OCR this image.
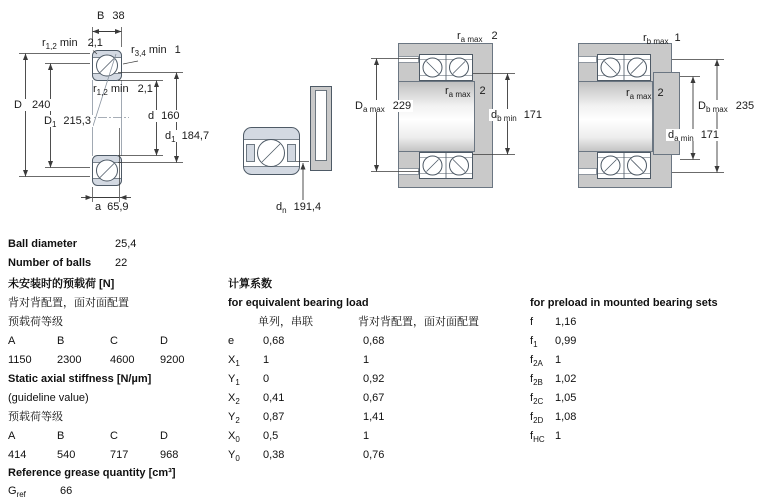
B 38
$r_{1,2}$ min 2,1
$r_{3,4}$ min 1
D 240
$D_1$ 215,3
$r_{1,2}$ min 2,1
d 160
$d_1$ 184,7
a 65,9	$d_n$ 191,4
$r_{a max}$ 2
$r_{a max}$ 2
$D_{a max}$ 229
$d_{b min}$ 171
$r_{b max}$ 1
$r_{a max}$ 2
$D_{b max}$ 235
$d_{a min}$ 171
Ball diameter	25,4
Number of balls 22
未安装时的预载荷 [N]
背对背配置，面对面配置
预载荷等级
A	B	C	D
1150 2300	4600 9200
Static axial stiffness [N/µm]
(guideline value)
预载荷等级
A	B	C	D
414	540	717	968
Reference grease quantity [cm³]
$G_{ref}$	66
计算系数
for equivalent bearing load
单列，串联	背对背配置，面对面配置
e	0,68	0,68
$X_1$ 1	1
$Y_1$ 0	0,92
$X_2$ 0,41	0,67
$Y_2$ 0,87	1,41
$X_0$ 0,5	1
$Y_0$ 0,38	0,76
for preload in mounted bearing sets
f 1,16
$f_1$ 0,99
$f_{2A}$ 1
$f_{2B}$ 1,02
$f_{2C}$ 1,05
$f_{2D}$ 1,08
$f_{HC}$ 1
